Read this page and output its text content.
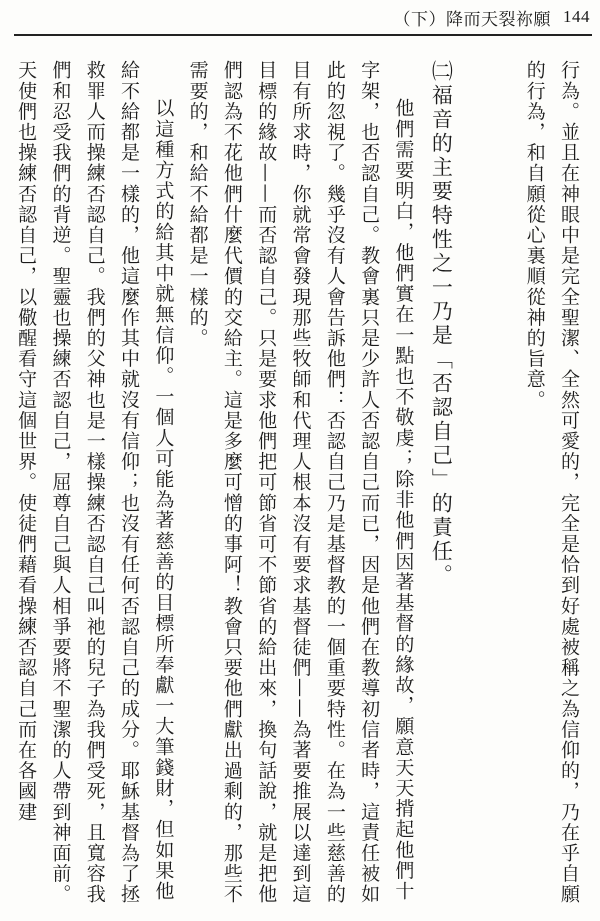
（下）降而天裂祢願 144

行為。並且在神眼中是完全聖潔、全然可愛的，完全是恰到好處被稱之為信仰的，乃在乎自願的行為，和自願從心裏順從神的旨意。

㈡福音的主要特性之一乃是「否認自己」的責任。

他們需要明白，他們實在一點也不敬虔；除非他們因著基督的緣故，願意天天揹起他們十字架，也否認自己。教會裏只是少許人否認自己而已，因是他們在教導初信者時，這責任被如此的忽視了。幾乎沒有人會告訴他們：否認自己乃是基督教的一個重要特性。在為一些慈善的目有所求時，你就常會發現那些牧師和代理人根本沒有要求基督徒們——為著要推展以達到這目標的緣故——而否認自己。只是要求他們把可節省可不節省的給出來，換句話說，就是把他們認為不花他們什麼代價的交給主。這是多麼可憎的事阿！教會只要他們獻出過剩的，那些不需要的，和給不給都是一樣的。

以這種方式的給其中就無信仰。一個人可能為著慈善的目標所奉獻一大筆錢財，但如果他給不給都是一樣的，他這麼作其中就沒有信仰；也沒有任何否認自己的成分。耶穌基督為了拯救罪人而操練否認自己。我們的父神也是一樣操練否認自己叫祂的兒子為我們受死，且寬容我們和忍受我們的背逆。聖靈也操練否認自己，屈尊自己與人相爭要將不聖潔的人帶到神面前。天使們也操練否認自己，以儆醒看守這個世界。使徒們藉看操練否認自己而在各國建
